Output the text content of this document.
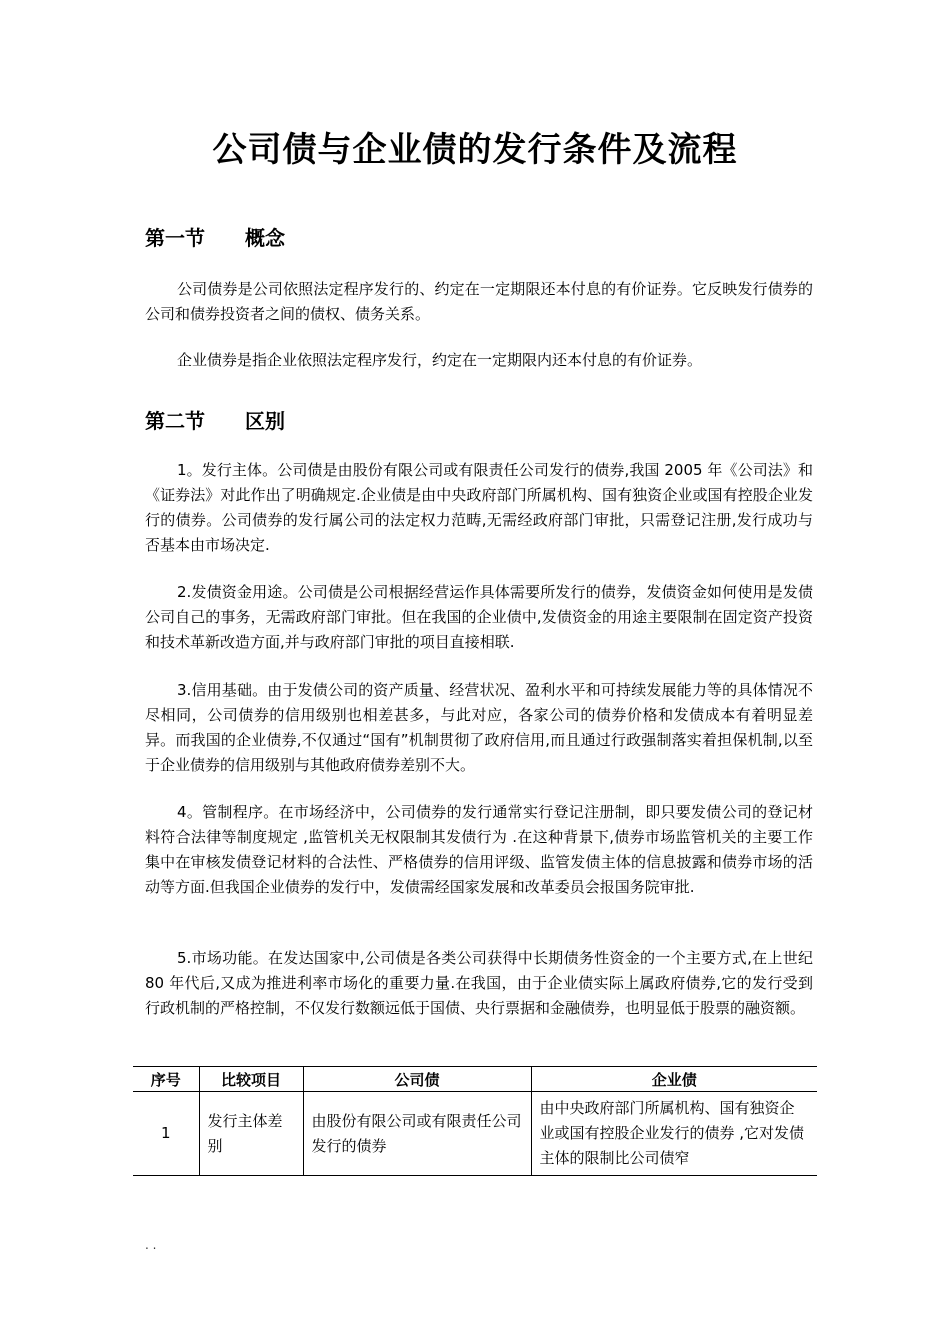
公司债与企业债的发行条件及流程
第一节 概念

公司债券是公司依照法定程序发行的、约定在一定期限还本付息的有价证券。它反映发行债券的公司和债券投资者之间的债权、债务关系。

企业债券是指企业依照法定程序发行，约定在一定期限内还本付息的有价证券。

第二节 区别

1。发行主体。公司债是由股份有限公司或有限责任公司发行的债券,我国 2005 年《公司法》和《证券法》对此作出了明确规定.企业债是由中央政府部门所属机构、国有独资企业或国有控股企业发行的债券。公司债券的发行属公司的法定权力范畴,无需经政府部门审批，只需登记注册,发行成功与否基本由市场决定.

2.发债资金用途。公司债是公司根据经营运作具体需要所发行的债券，发债资金如何使用是发债公司自己的事务，无需政府部门审批。但在我国的企业债中,发债资金的用途主要限制在固定资产投资和技术革新改造方面,并与政府部门审批的项目直接相联.

3.信用基础。由于发债公司的资产质量、经营状况、盈利水平和可持续发展能力等的具体情况不尽相同，公司债券的信用级别也相差甚多，与此对应，各家公司的债券价格和发债成本有着明显差异。而我国的企业债券,不仅通过“国有”机制贯彻了政府信用,而且通过行政强制落实着担保机制,以至于企业债券的信用级别与其他政府债券差别不大。

4。管制程序。在市场经济中，公司债券的发行通常实行登记注册制，即只要发债公司的登记材料符合法律等制度规定 ,监管机关无权限制其发债行为 .在这种背景下,债券市场监管机关的主要工作集中在审核发债登记材料的合法性、严格债券的信用评级、监管发债主体的信息披露和债券市场的活动等方面.但我国企业债券的发行中，发债需经国家发展和改革委员会报国务院审批.

5.市场功能。在发达国家中,公司债是各类公司获得中长期债务性资金的一个主要方式,在上世纪 80 年代后,又成为推进利率市场化的重要力量.在我国，由于企业债实际上属政府债券,它的发行受到行政机制的严格控制，不仅发行数额远低于国债、央行票据和金融债券，也明显低于股票的融资额。

序号	比较项目	公司债	企业债
1	发行主体差别	由股份有限公司或有限责任公司发行的债券	由中央政府部门所属机构、国有独资企业或国有控股企业发行的债券 ,它对发债主体的限制比公司债窄
. .
